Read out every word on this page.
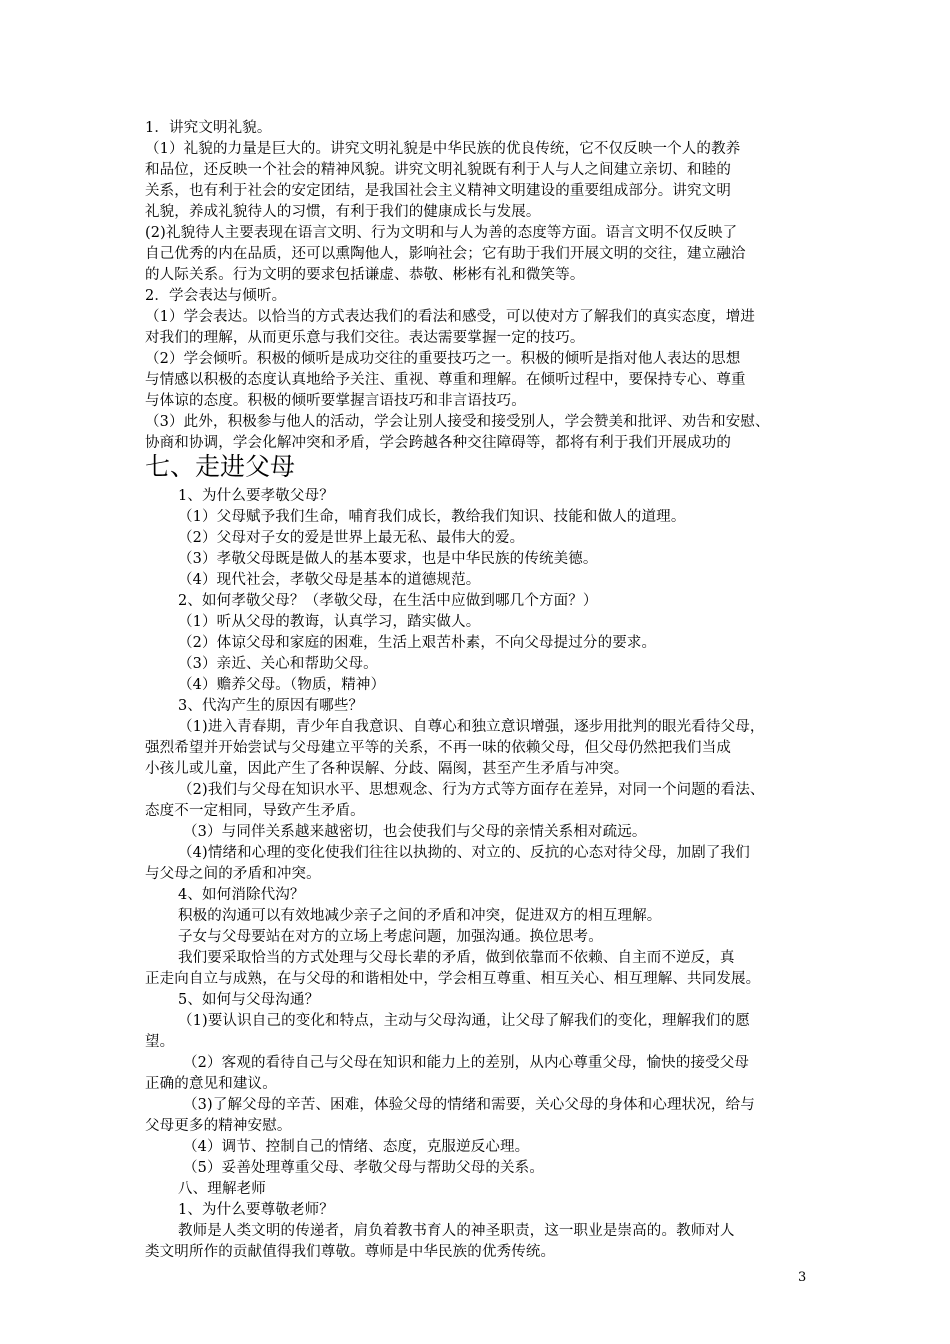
1．讲究文明礼貌。
（1）礼貌的力量是巨大的。讲究文明礼貌是中华民族的优良传统，它不仅反映一个人的教养
和品位，还反映一个社会的精神风貌。讲究文明礼貌既有利于人与人之间建立亲切、和睦的
关系，也有利于社会的安定团结，是我国社会主义精神文明建设的重要组成部分。讲究文明
礼貌，养成礼貌待人的习惯，有利于我们的健康成长与发展。
(2)礼貌待人主要表现在语言文明、行为文明和与人为善的态度等方面。语言文明不仅反映了
自己优秀的内在品质，还可以熏陶他人，影响社会；它有助于我们开展文明的交往，建立融洽
的人际关系。行为文明的要求包括谦虚、恭敬、彬彬有礼和微笑等。
2．学会表达与倾听。
（1）学会表达。以恰当的方式表达我们的看法和感受，可以使对方了解我们的真实态度，增进
对我们的理解，从而更乐意与我们交往。表达需要掌握一定的技巧。
（2）学会倾听。积极的倾听是成功交往的重要技巧之一。积极的倾听是指对他人表达的思想
与情感以积极的态度认真地给予关注、重视、尊重和理解。在倾听过程中，要保持专心、尊重
与体谅的态度。积极的倾听要掌握言语技巧和非言语技巧。
（3）此外，积极参与他人的活动，学会让别人接受和接受别人，学会赞美和批评、劝告和安慰、
协商和协调，学会化解冲突和矛盾，学会跨越各种交往障碍等，都将有利于我们开展成功的
七、走进父母
1、为什么要孝敬父母？
（1）父母赋予我们生命，哺育我们成长，教给我们知识、技能和做人的道理。
（2）父母对子女的爱是世界上最无私、最伟大的爱。
（3）孝敬父母既是做人的基本要求，也是中华民族的传统美德。
（4）现代社会，孝敬父母是基本的道德规范。
2、如何孝敬父母？（孝敬父母，在生活中应做到哪几个方面？）
（1）听从父母的教诲，认真学习，踏实做人。
（2）体谅父母和家庭的困难，生活上艰苦朴素，不向父母提过分的要求。
（3）亲近、关心和帮助父母。
（4）赡养父母。（物质，精神）
3、代沟产生的原因有哪些？
（1)进入青春期，青少年自我意识、自尊心和独立意识增强，逐步用批判的眼光看待父母，
强烈希望并开始尝试与父母建立平等的关系，不再一味的依赖父母，但父母仍然把我们当成
小孩儿或儿童，因此产生了各种误解、分歧、隔阂，甚至产生矛盾与冲突。
（2)我们与父母在知识水平、思想观念、行为方式等方面存在差异，对同一个问题的看法、
态度不一定相同，导致产生矛盾。
（3）与同伴关系越来越密切，也会使我们与父母的亲情关系相对疏远。
（4)情绪和心理的变化使我们往往以执拗的、对立的、反抗的心态对待父母，加剧了我们
与父母之间的矛盾和冲突。
4、如何消除代沟？
积极的沟通可以有效地减少亲子之间的矛盾和冲突，促进双方的相互理解。
子女与父母要站在对方的立场上考虑问题，加强沟通。换位思考。
我们要采取恰当的方式处理与父母长辈的矛盾，做到依靠而不依赖、自主而不逆反，真
正走向自立与成熟，在与父母的和谐相处中，学会相互尊重、相互关心、相互理解、共同发展。
5、如何与父母沟通？
（1)要认识自己的变化和特点，主动与父母沟通，让父母了解我们的变化，理解我们的愿
望。
（2）客观的看待自己与父母在知识和能力上的差别，从内心尊重父母，愉快的接受父母
正确的意见和建议。
（3)了解父母的辛苦、困难，体验父母的情绪和需要，关心父母的身体和心理状况，给与
父母更多的精神安慰。
（4）调节、控制自己的情绪、态度，克服逆反心理。
（5）妥善处理尊重父母、孝敬父母与帮助父母的关系。
八、理解老师
1、为什么要尊敬老师？
教师是人类文明的传递者，肩负着教书育人的神圣职责，这一职业是崇高的。教师对人
类文明所作的贡献值得我们尊敬。尊师是中华民族的优秀传统。
3
